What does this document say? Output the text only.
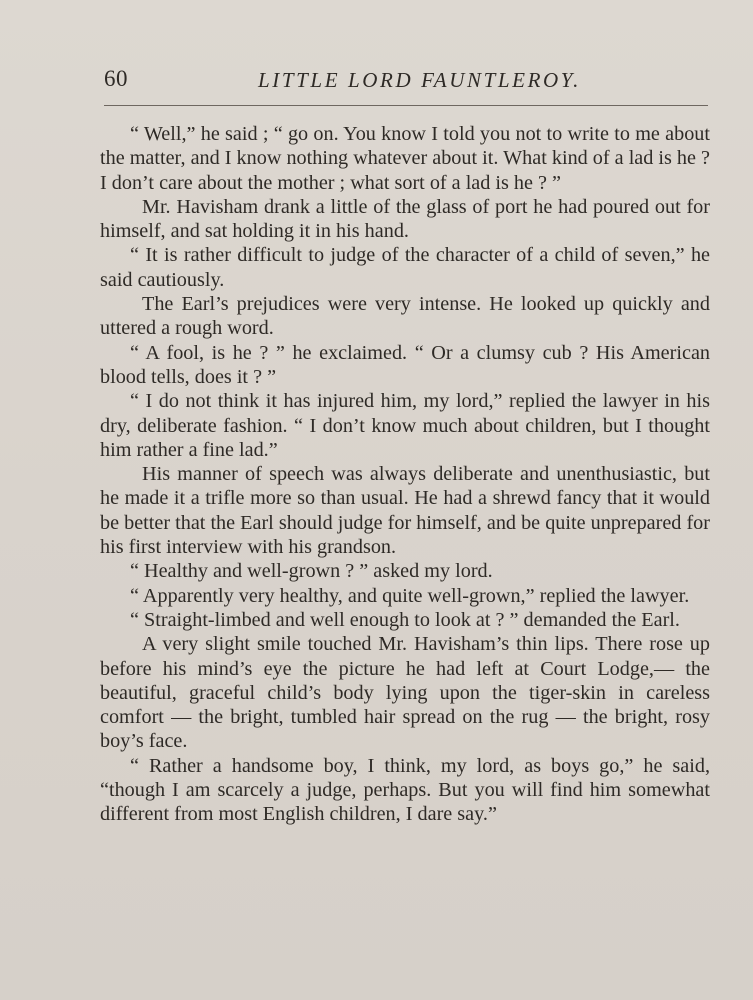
60	LITTLE LORD FAUNTLEROY.

“ Well,” he said ; “ go on. You know I told you not to write to me about the matter, and I know nothing whatever about it. What kind of a lad is he ? I don’t care about the mother ; what sort of a lad is he ? ”

Mr. Havisham drank a little of the glass of port he had poured out for himself, and sat holding it in his hand.

“ It is rather difficult to judge of the character of a child of seven,” he said cautiously.

The Earl’s prejudices were very intense. He looked up quickly and uttered a rough word.

“ A fool, is he ? ” he exclaimed. “ Or a clumsy cub ? His American blood tells, does it ? ”

“ I do not think it has injured him, my lord,” replied the lawyer in his dry, deliberate fashion. “ I don’t know much about children, but I thought him rather a fine lad.”

His manner of speech was always deliberate and unenthusiastic, but he made it a trifle more so than usual. He had a shrewd fancy that it would be better that the Earl should judge for himself, and be quite unprepared for his first interview with his grandson.

“ Healthy and well-grown ? ” asked my lord.

“ Apparently very healthy, and quite well-grown,” replied the lawyer.

“ Straight-limbed and well enough to look at ? ” demanded the Earl.

A very slight smile touched Mr. Havisham’s thin lips. There rose up before his mind’s eye the picture he had left at Court Lodge,— the beautiful, graceful child’s body lying upon the tiger-skin in careless comfort — the bright, tumbled hair spread on the rug — the bright, rosy boy’s face.

“ Rather a handsome boy, I think, my lord, as boys go,” he said, “though I am scarcely a judge, perhaps. But you will find him somewhat different from most English children, I dare say.”
